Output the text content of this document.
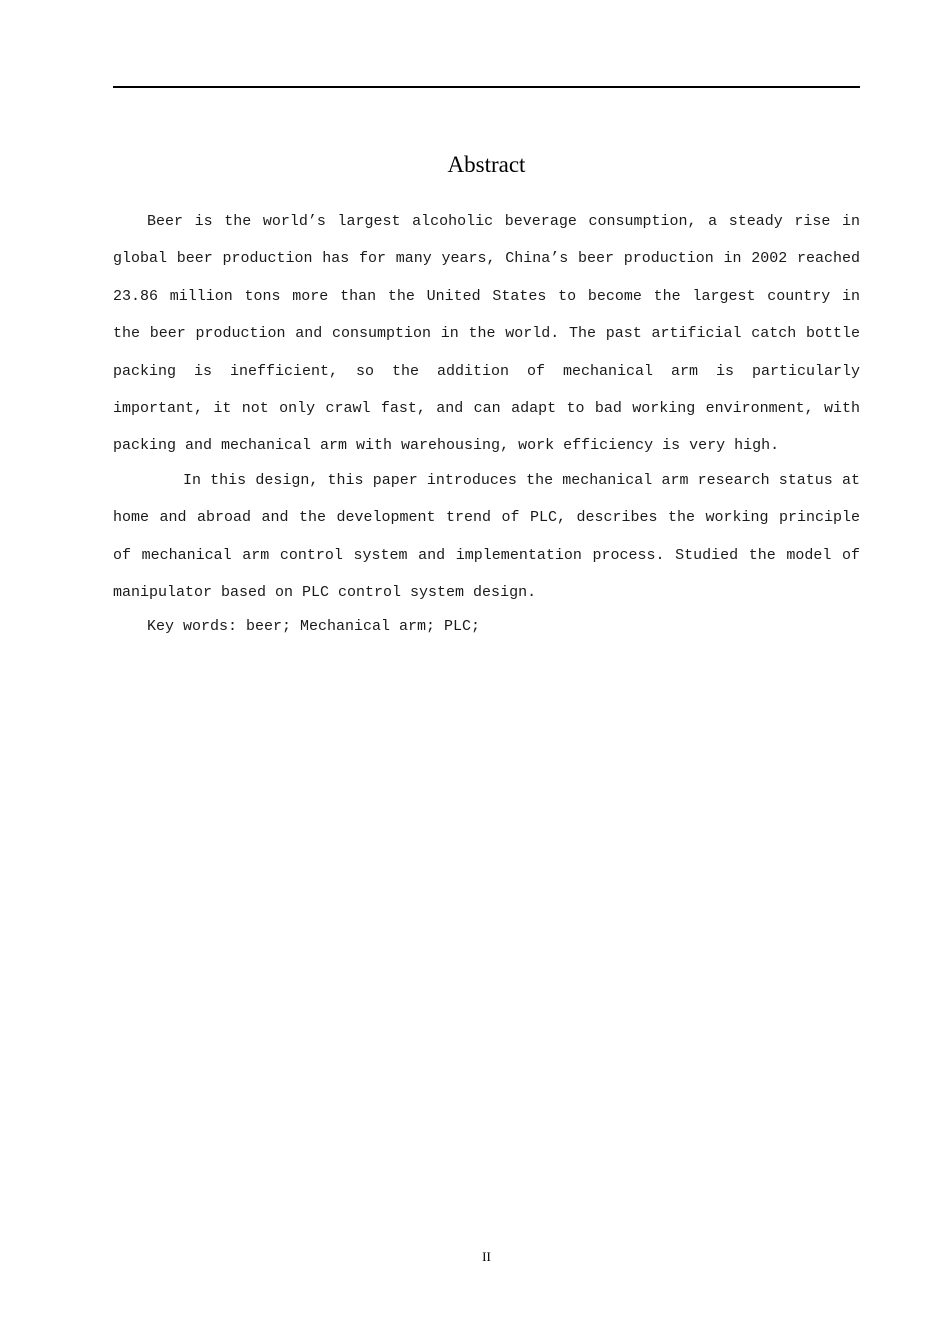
Abstract

Beer is the world’s largest alcoholic beverage consumption, a steady rise in global beer production has for many years, China’s beer production in 2002 reached 23.86 million tons more than the United States to become the largest country in the beer production and consumption in the world. The past artificial catch bottle packing is inefficient, so the addition of mechanical arm is particularly important, it not only crawl fast, and can adapt to bad working environment, with packing and mechanical arm with warehousing, work efficiency is very high.

In this design, this paper introduces the mechanical arm research status at home and abroad and the development trend of PLC, describes the working principle of mechanical arm control system and implementation process. Studied the model of manipulator based on PLC control system design.

Key words: beer; Mechanical arm; PLC;

II
